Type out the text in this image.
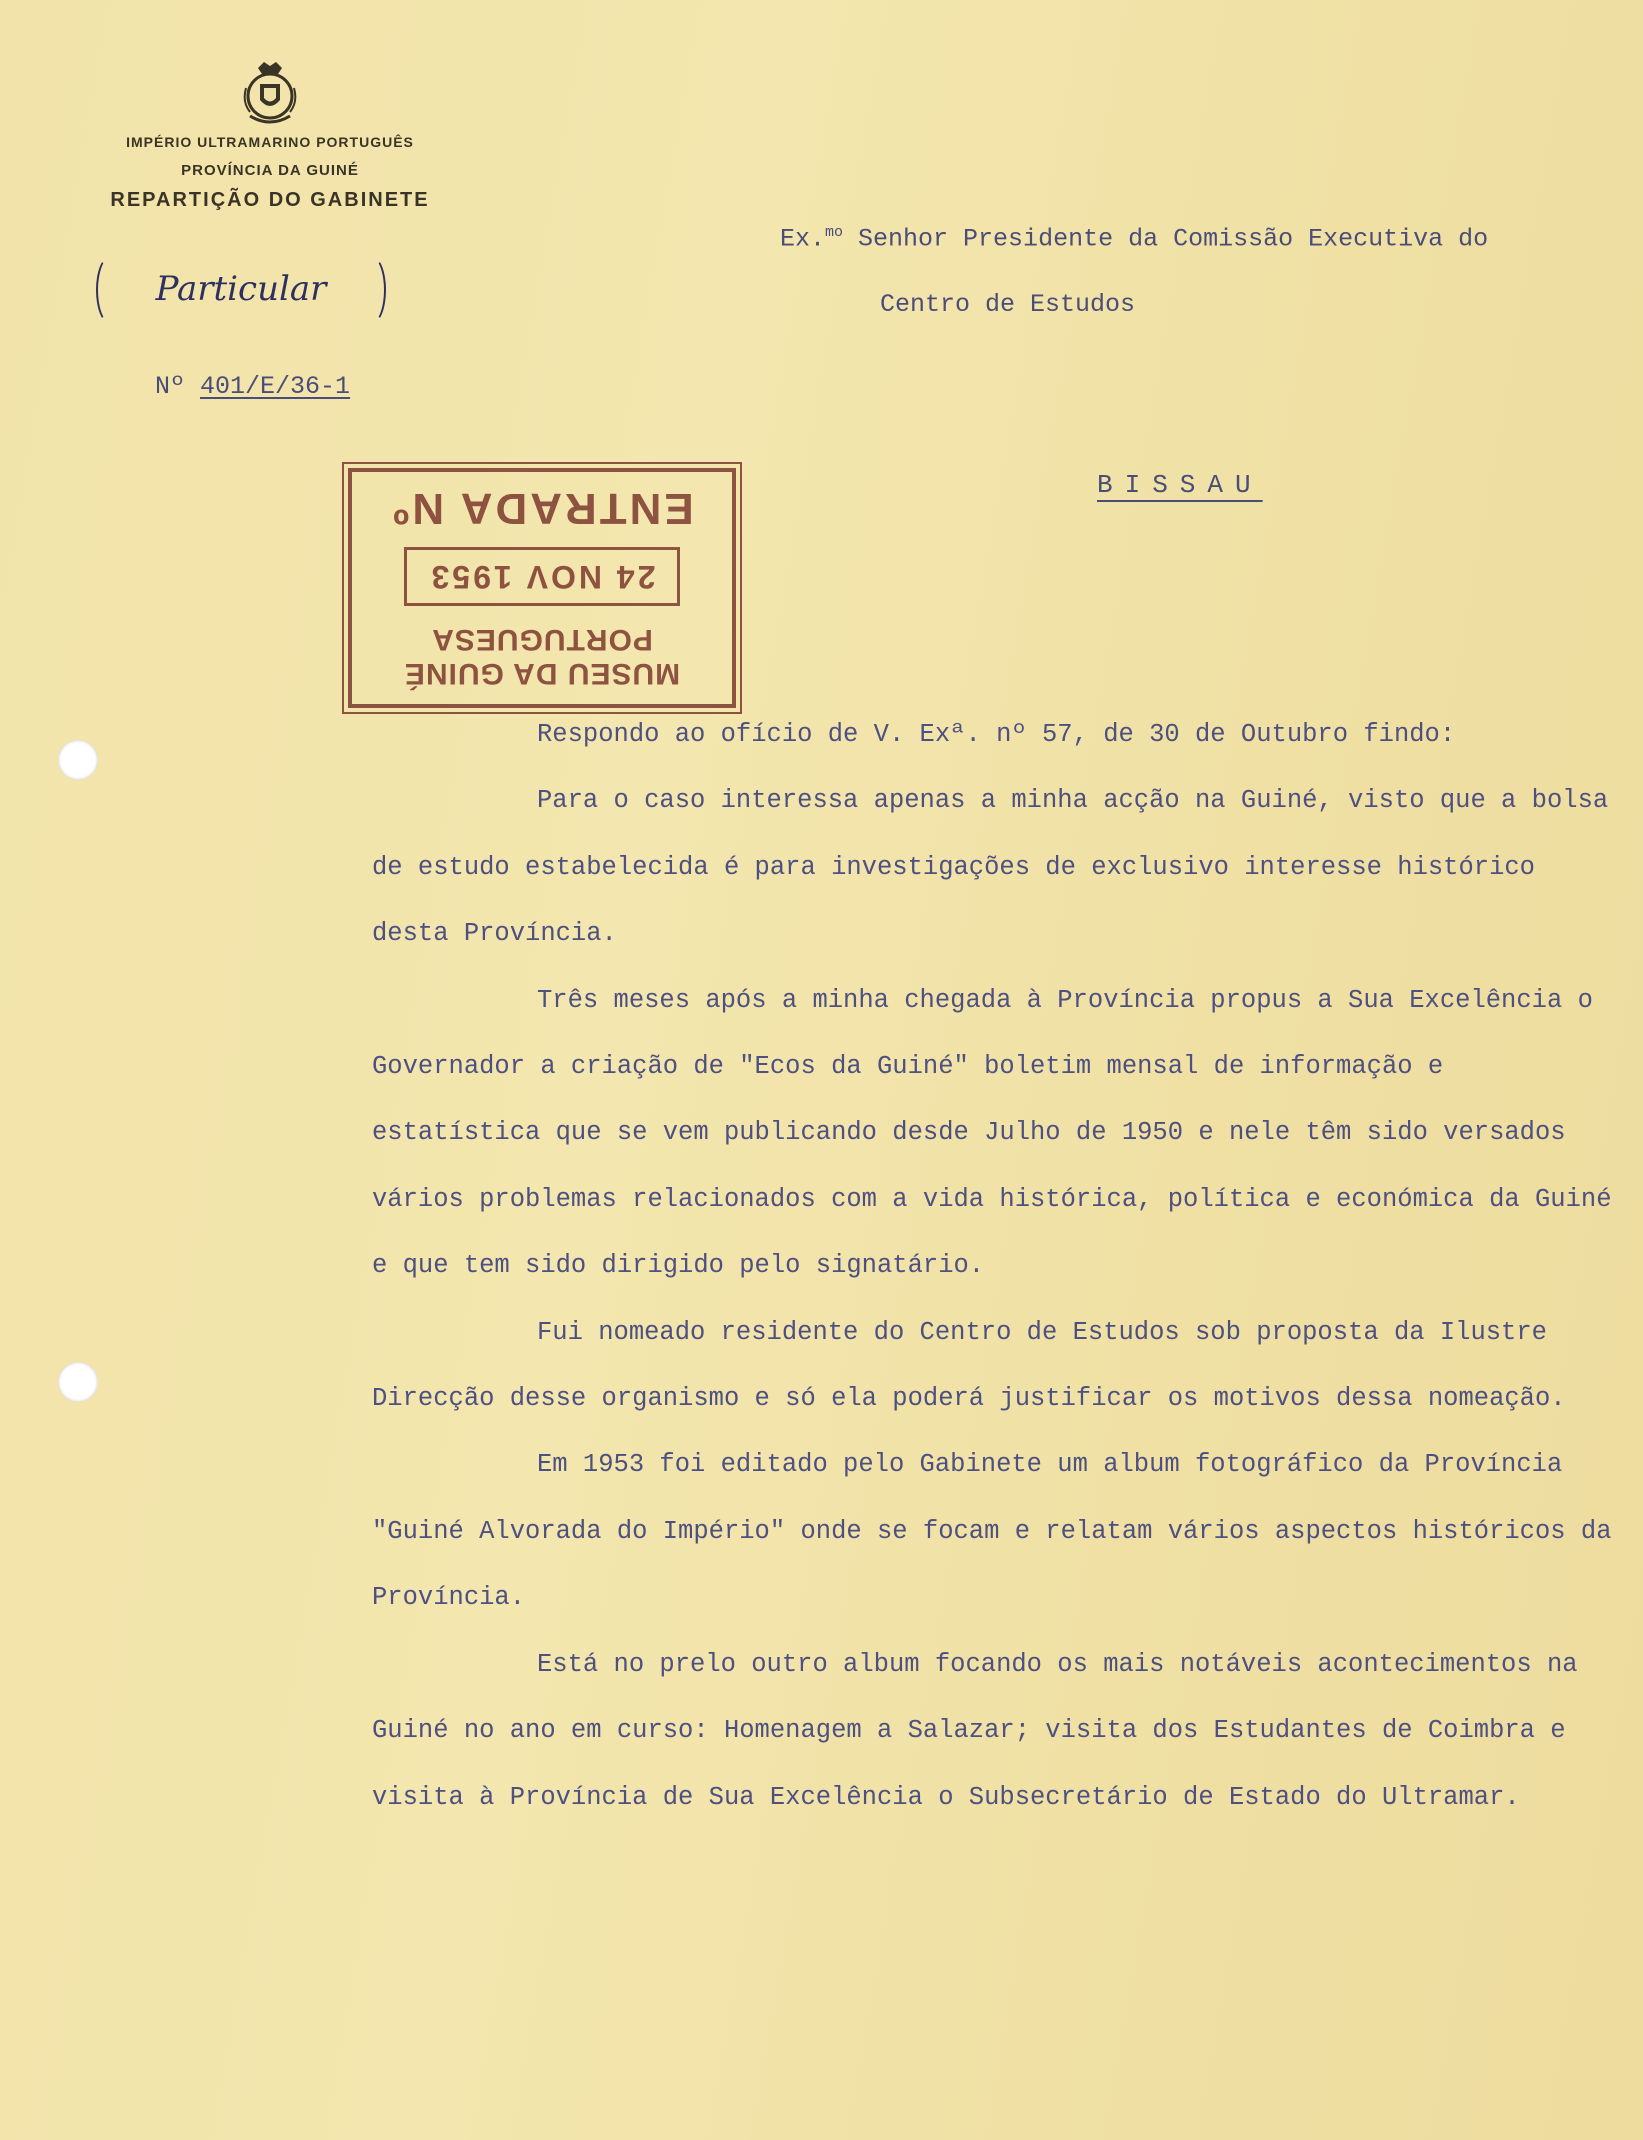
IMPÉRIO ULTRAMARINO PORTUGUÊS
PROVÍNCIA DA GUINÉ
REPARTIÇÃO DO GABINETE
Particular
Nº 401/E/36-1
MUSEU DA GUINÉ PORTUGUESA
24 NOV 1953
ENTRADA Nº
Ex.$^{mo}$ Senhor Presidente da Comissão Executiva do
Centro de Estudos
BISSAU

Respondo ao ofício de V. Exª. nº 57, de 30 de Outubro findo:

Para o caso interessa apenas a minha acção na Guiné, visto que a bolsa de estudo estabelecida é para investigações de exclusivo interesse histórico desta Província.

Três meses após a minha chegada à Província propus a Sua Excelência o Governador a criação de "Ecos da Guiné" boletim mensal de informação e estatística que se vem publicando desde Julho de 1950 e nele têm sido versados vários problemas relacionados com a vida histórica, política e económica da Guiné e que tem sido dirigido pelo signatário.

Fui nomeado residente do Centro de Estudos sob proposta da Ilustre Direcção desse organismo e só ela poderá justificar os motivos dessa nomeação.

Em 1953 foi editado pelo Gabinete um album fotográfico da Província "Guiné Alvorada do Império" onde se focam e relatam vários aspectos históricos da Província.

Está no prelo outro album focando os mais notáveis acontecimentos na Guiné no ano em curso: Homenagem a Salazar; visita dos Estudantes de Coimbra e visita à Província de Sua Excelência o Subsecretário de Estado do Ultramar.
